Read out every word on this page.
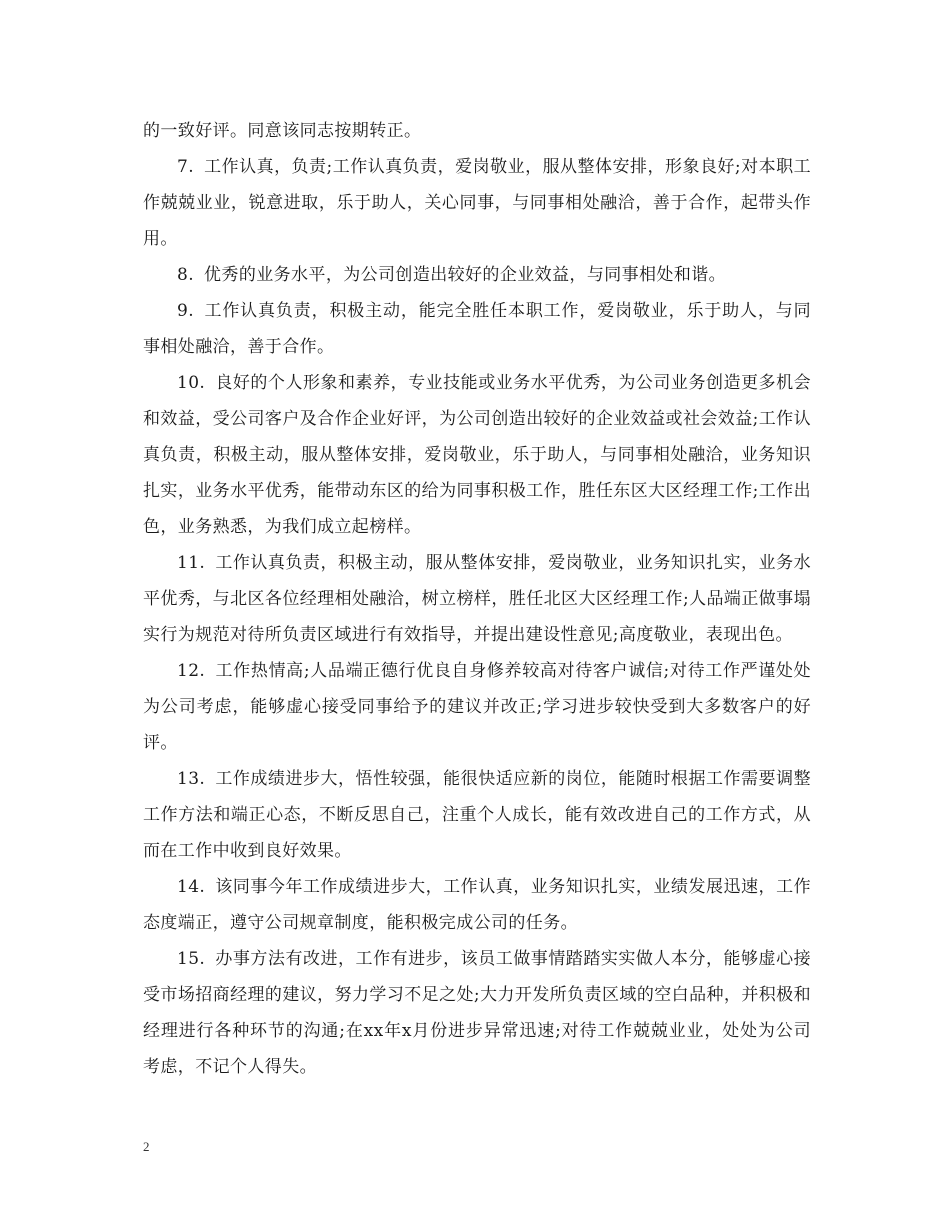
的一致好评。同意该同志按期转正。

7. 工作认真，负责;工作认真负责，爱岗敬业，服从整体安排，形象良好;对本职工作兢兢业业，锐意进取，乐于助人，关心同事，与同事相处融洽，善于合作，起带头作用。

8. 优秀的业务水平，为公司创造出较好的企业效益，与同事相处和谐。

9. 工作认真负责，积极主动，能完全胜任本职工作，爱岗敬业，乐于助人，与同事相处融洽，善于合作。

10. 良好的个人形象和素养，专业技能或业务水平优秀，为公司业务创造更多机会和效益，受公司客户及合作企业好评，为公司创造出较好的企业效益或社会效益;工作认真负责，积极主动，服从整体安排，爱岗敬业，乐于助人，与同事相处融洽，业务知识扎实，业务水平优秀，能带动东区的给为同事积极工作，胜任东区大区经理工作;工作出色，业务熟悉，为我们成立起榜样。

11. 工作认真负责，积极主动，服从整体安排，爱岗敬业，业务知识扎实，业务水平优秀，与北区各位经理相处融洽，树立榜样，胜任北区大区经理工作;人品端正做事塌实行为规范对待所负责区域进行有效指导，并提出建设性意见;高度敬业，表现出色。

12. 工作热情高;人品端正德行优良自身修养较高对待客户诚信;对待工作严谨处处为公司考虑，能够虚心接受同事给予的建议并改正;学习进步较快受到大多数客户的好评。

13. 工作成绩进步大，悟性较强，能很快适应新的岗位，能随时根据工作需要调整工作方法和端正心态，不断反思自己，注重个人成长，能有效改进自己的工作方式，从而在工作中收到良好效果。

14. 该同事今年工作成绩进步大，工作认真，业务知识扎实，业绩发展迅速，工作态度端正，遵守公司规章制度，能积极完成公司的任务。

15. 办事方法有改进，工作有进步，该员工做事情踏踏实实做人本分，能够虚心接受市场招商经理的建议，努力学习不足之处;大力开发所负责区域的空白品种，并积极和经理进行各种环节的沟通;在xx年x月份进步异常迅速;对待工作兢兢业业，处处为公司考虑，不记个人得失。

2
